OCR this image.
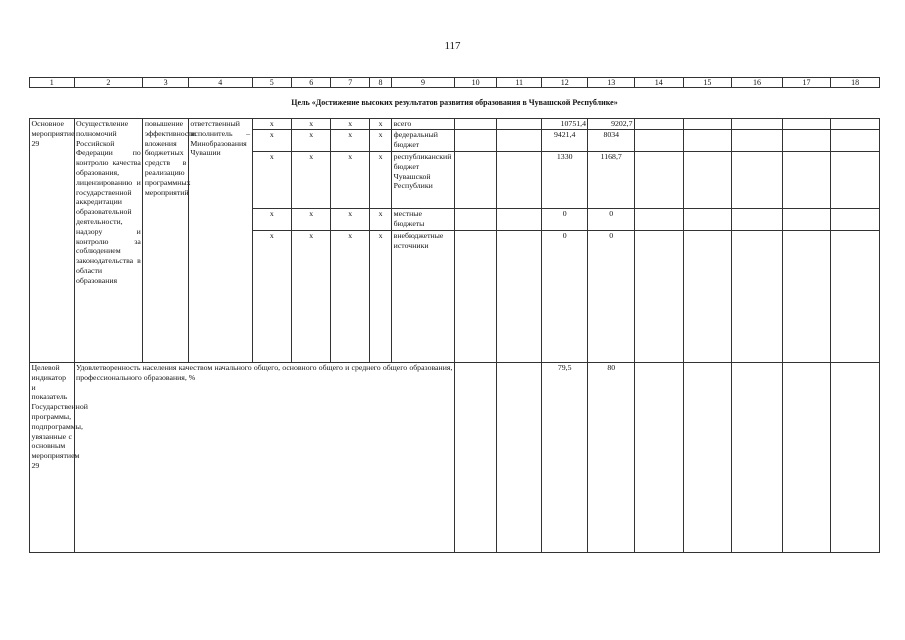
117
1	2	3	4	5	6	7	8	9	10	11	12	13	14	15	16	17	18
Цель «Достижение высоких результатов развития образования в Чувашской Республике»																	
Основное мероприятие 29	Осуществление полномочий Российской Федерации по контролю качества образования, лицензированию и государственной аккредитации образовательной деятельности, надзору и контролю за соблюдением законодательства в области образования	повышение эффективности вложения бюджетных средств в реализацию программных мероприятий	ответственный исполнитель – Минобразования Чувашии	х	х	х	х	всего			10751,4	9202,7					
				х	х	х	х	федеральный бюджет			9421,4	8034					
				х	х	х	х	республиканский бюджет Чувашской Республики			1330	1168,7					
				х	х	х	х	местные бюджеты			0	0					
				х	х	х	х	внебюджетные источники			0	0					
Целевой индикатор и показатель Государственной программы, подпрограммы, увязанные с основным мероприятием 29	Удовлетворенность населения качеством начального общего, основного общего и среднего общего образования, профессионального образования, %										79,5	80					
